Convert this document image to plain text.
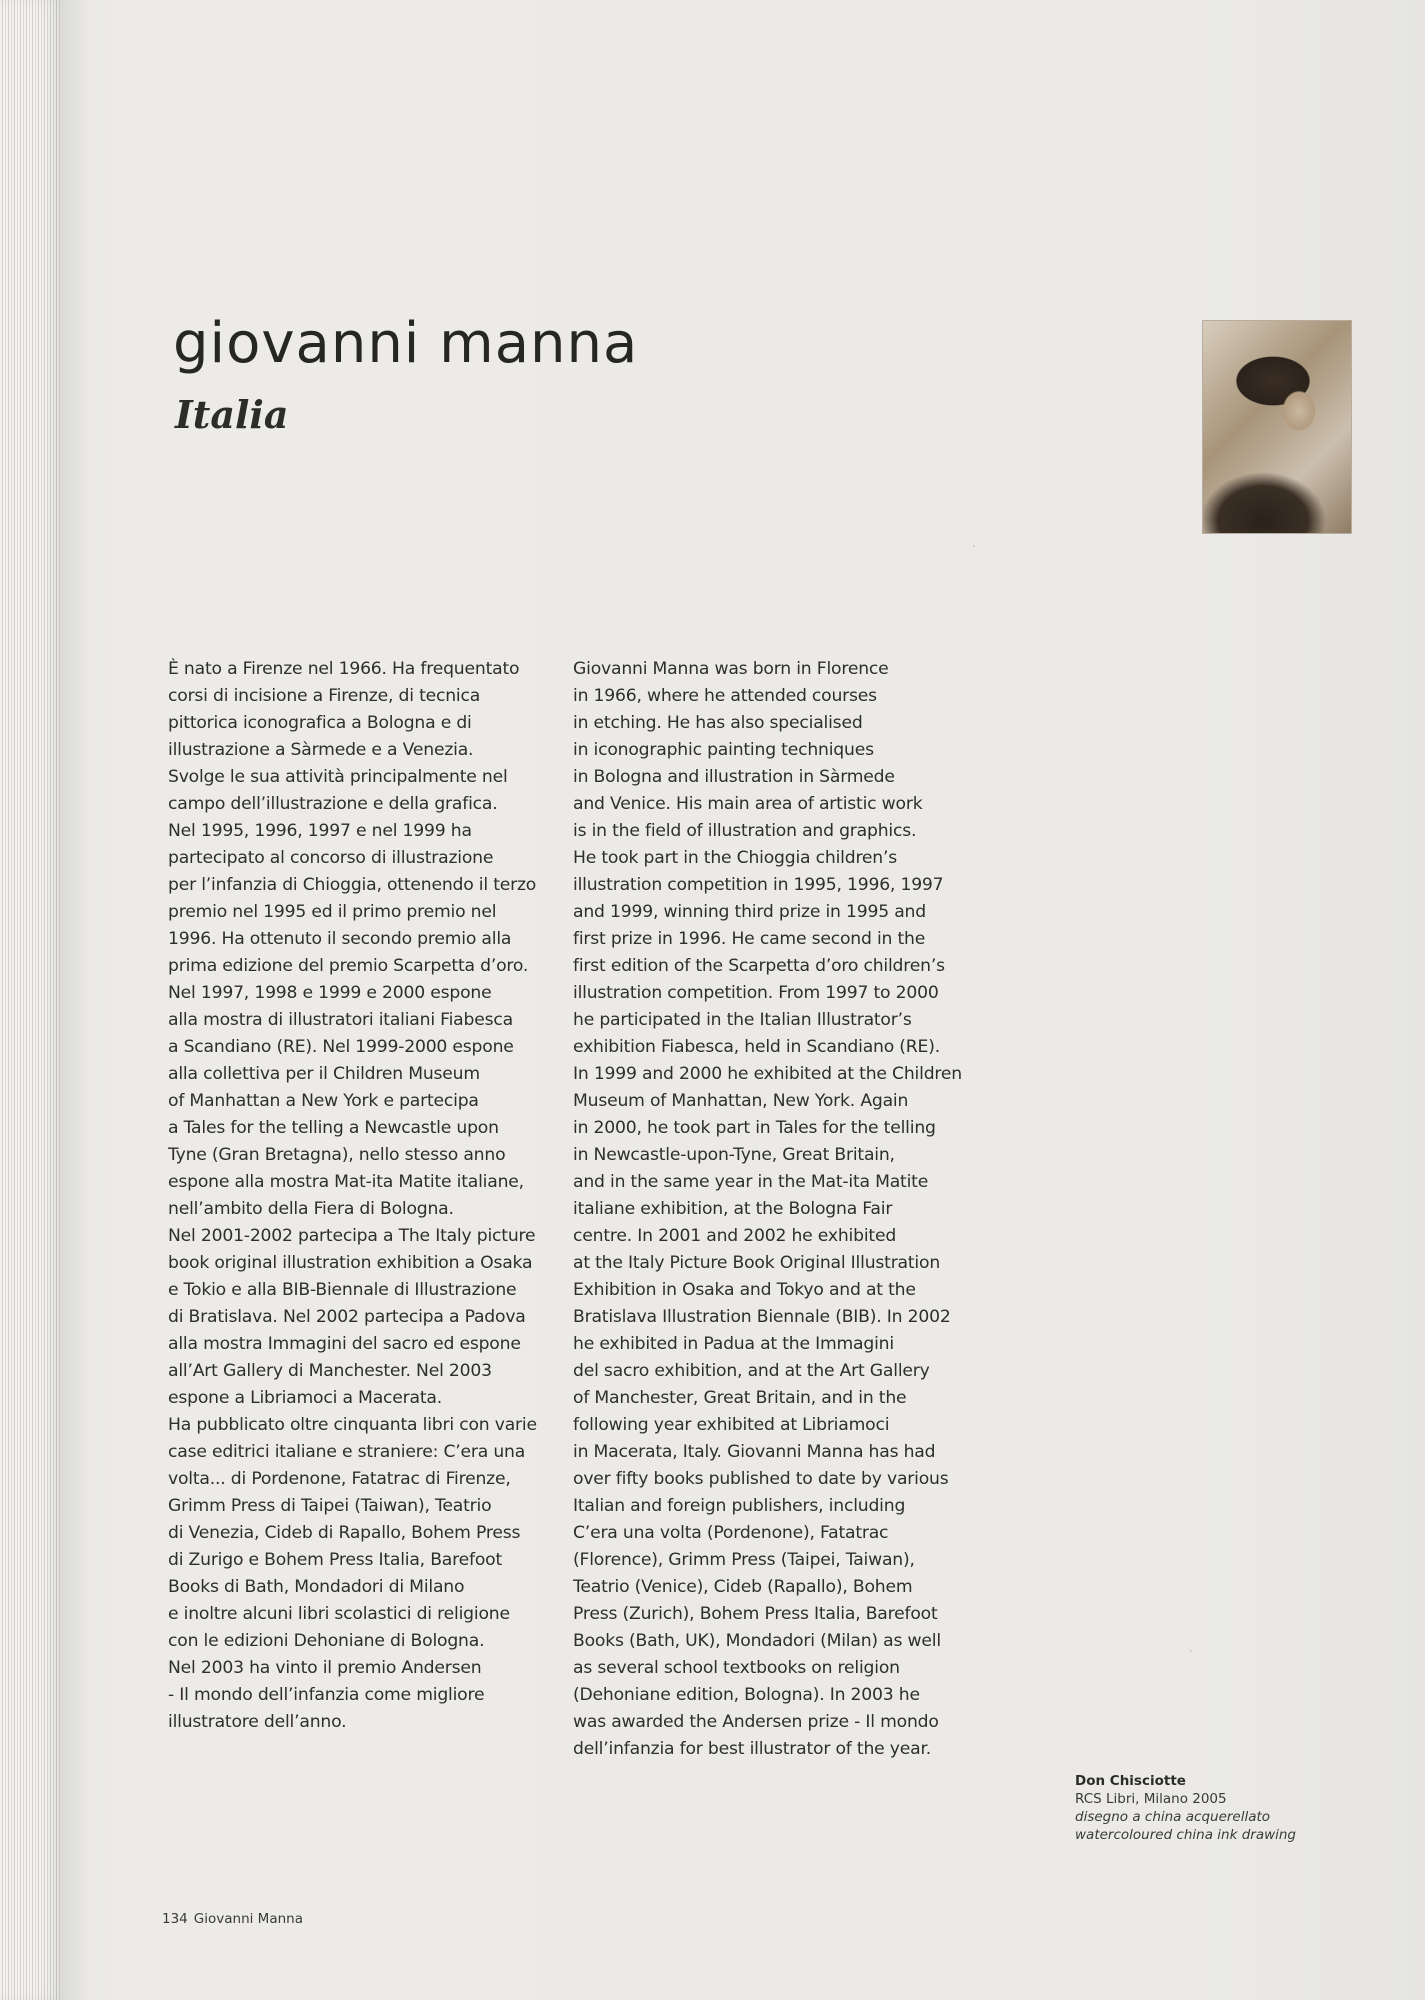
giovanni manna
Italia
È nato a Firenze nel 1966. Ha frequentato
corsi di incisione a Firenze, di tecnica
pittorica iconografica a Bologna e di
illustrazione a Sàrmede e a Venezia.
Svolge le sua attività principalmente nel
campo dell’illustrazione e della grafica.
Nel 1995, 1996, 1997 e nel 1999 ha
partecipato al concorso di illustrazione
per l’infanzia di Chioggia, ottenendo il terzo
premio nel 1995 ed il primo premio nel
1996. Ha ottenuto il secondo premio alla
prima edizione del premio Scarpetta d’oro.
Nel 1997, 1998 e 1999 e 2000 espone
alla mostra di illustratori italiani Fiabesca
a Scandiano (RE). Nel 1999-2000 espone
alla collettiva per il Children Museum
of Manhattan a New York e partecipa
a Tales for the telling a Newcastle upon
Tyne (Gran Bretagna), nello stesso anno
espone alla mostra Mat-ita Matite italiane,
nell’ambito della Fiera di Bologna.
Nel 2001-2002 partecipa a The Italy picture
book original illustration exhibition a Osaka
e Tokio e alla BIB-Biennale di Illustrazione
di Bratislava. Nel 2002 partecipa a Padova
alla mostra Immagini del sacro ed espone
all’Art Gallery di Manchester. Nel 2003
espone a Libriamoci a Macerata.
Ha pubblicato oltre cinquanta libri con varie
case editrici italiane e straniere: C’era una
volta... di Pordenone, Fatatrac di Firenze,
Grimm Press di Taipei (Taiwan), Teatrio
di Venezia, Cideb di Rapallo, Bohem Press
di Zurigo e Bohem Press Italia, Barefoot
Books di Bath, Mondadori di Milano
e inoltre alcuni libri scolastici di religione
con le edizioni Dehoniane di Bologna.
Nel 2003 ha vinto il premio Andersen
- Il mondo dell’infanzia come migliore
illustratore dell’anno.
Giovanni Manna was born in Florence
in 1966, where he attended courses
in etching. He has also specialised
in iconographic painting techniques
in Bologna and illustration in Sàrmede
and Venice. His main area of artistic work
is in the field of illustration and graphics.
He took part in the Chioggia children’s
illustration competition in 1995, 1996, 1997
and 1999, winning third prize in 1995 and
first prize in 1996. He came second in the
first edition of the Scarpetta d’oro children’s
illustration competition. From 1997 to 2000
he participated in the Italian Illustrator’s
exhibition Fiabesca, held in Scandiano (RE).
In 1999 and 2000 he exhibited at the Children
Museum of Manhattan, New York. Again
in 2000, he took part in Tales for the telling
in Newcastle-upon-Tyne, Great Britain,
and in the same year in the Mat-ita Matite
italiane exhibition, at the Bologna Fair
centre. In 2001 and 2002 he exhibited
at the Italy Picture Book Original Illustration
Exhibition in Osaka and Tokyo and at the
Bratislava Illustration Biennale (BIB). In 2002
he exhibited in Padua at the Immagini
del sacro exhibition, and at the Art Gallery
of Manchester, Great Britain, and in the
following year exhibited at Libriamoci
in Macerata, Italy. Giovanni Manna has had
over fifty books published to date by various
Italian and foreign publishers, including
C’era una volta (Pordenone), Fatatrac
(Florence), Grimm Press (Taipei, Taiwan),
Teatrio (Venice), Cideb (Rapallo), Bohem
Press (Zurich), Bohem Press Italia, Barefoot
Books (Bath, UK), Mondadori (Milan) as well
as several school textbooks on religion
(Dehoniane edition, Bologna). In 2003 he
was awarded the Andersen prize - Il mondo
dell’infanzia for best illustrator of the year.
Don Chisciotte
RCS Libri, Milano 2005
disegno a china acquerellato
watercoloured china ink drawing
134 Giovanni Manna
